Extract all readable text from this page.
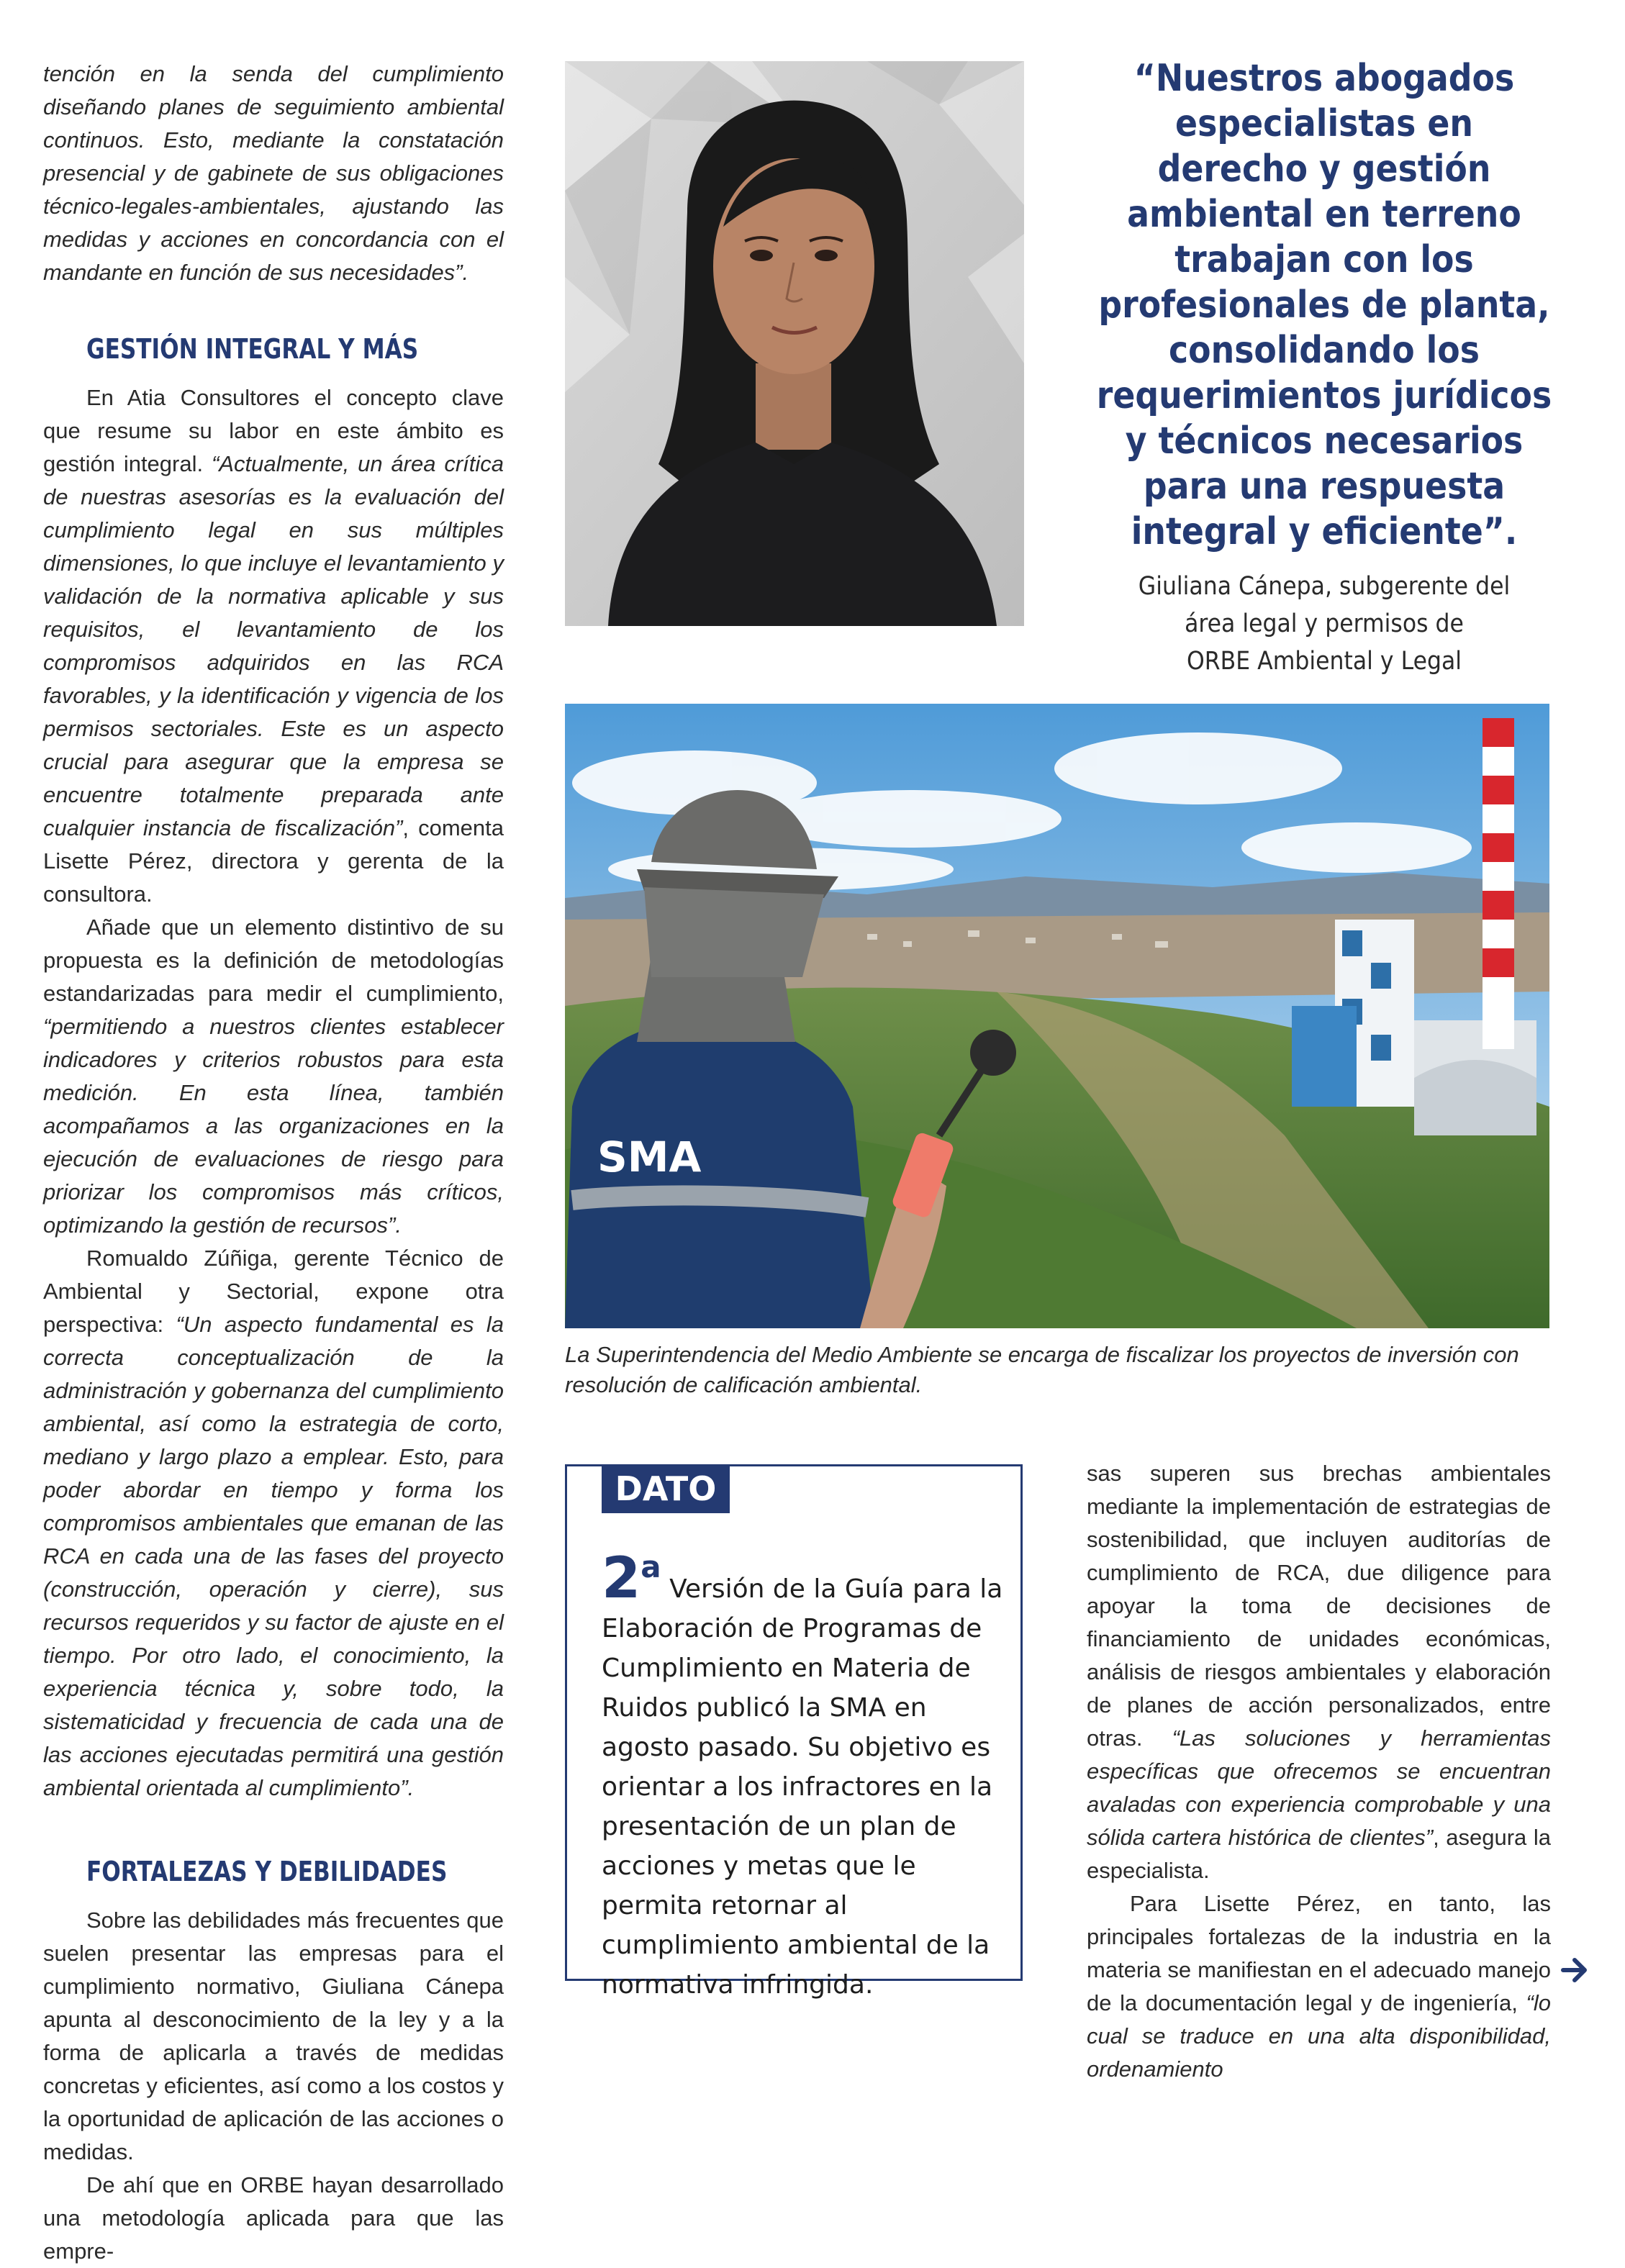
tención en la senda del cumplimiento diseñando planes de seguimiento ambiental continuos. Esto, mediante la constatación presencial y de gabinete de sus obligaciones técnico-legales-ambientales, ajustando las medidas y acciones en concordancia con el mandante en función de sus necesidades”.

GESTIÓN INTEGRAL Y MÁS

En Atia Consultores el concepto clave que resume su labor en este ámbito es gestión integral. “Actualmente, un área crítica de nuestras asesorías es la evaluación del cumplimiento legal en sus múltiples dimensiones, lo que incluye el levantamiento y validación de la normativa aplicable y sus requisitos, el levantamiento de los compromisos adquiridos en las RCA favorables, y la identificación y vigencia de los permisos sectoriales. Este es un aspecto crucial para asegurar que la empresa se encuentre totalmente preparada ante cualquier instancia de fiscalización”, comenta Lisette Pérez, directora y gerenta de la consultora.

Añade que un elemento distintivo de su propuesta es la definición de metodologías estandarizadas para medir el cumplimiento, “permitiendo a nuestros clientes establecer indicadores y criterios robustos para esta medición. En esta línea, también acompañamos a las organizaciones en la ejecución de evaluaciones de riesgo para priorizar los compromisos más críticos, optimizando la gestión de recursos”.

Romualdo Zúñiga, gerente Técnico de Ambiental y Sectorial, expone otra perspectiva: “Un aspecto fundamental es la correcta conceptualización de la administración y gobernanza del cumplimiento ambiental, así como la estrategia de corto, mediano y largo plazo a emplear. Esto, para poder abordar en tiempo y forma los compromisos ambientales que emanan de las RCA en cada una de las fases del proyecto (construcción, operación y cierre), sus recursos requeridos y su factor de ajuste en el tiempo. Por otro lado, el conocimiento, la experiencia técnica y, sobre todo, la sistematicidad y frecuencia de cada una de las acciones ejecutadas permitirá una gestión ambiental orientada al cumplimiento”.

FORTALEZAS Y DEBILIDADES

Sobre las debilidades más frecuentes que suelen presentar las empresas para el cumplimiento normativo, Giuliana Cánepa apunta al desconocimiento de la ley y a la forma de aplicarla a través de medidas concretas y eficientes, así como a los costos y la oportunidad de aplicación de las acciones o medidas.

De ahí que en ORBE hayan desarrollado una metodología aplicada para que las empre-

“Nuestros abogados especialistas en derecho y gestión ambiental en terreno trabajan con los profesionales de planta, consolidando los requerimientos jurídicos y técnicos necesarios para una respuesta integral y eficiente”.

Giuliana Cánepa, subgerente del
área legal y permisos de
ORBE Ambiental y Legal
SMA
La Superintendencia del Medio Ambiente se encarga de fiscalizar los proyectos de inversión con resolución de calificación ambiental.
DATO
2a Versión de la Guía para la Elaboración de Programas de Cumplimiento en Materia de Ruidos publicó la SMA en agosto pasado. Su objetivo es orientar a los infractores en la presentación de un plan de acciones y metas que le permita retornar al cumplimiento ambiental de la normativa infringida.

sas superen sus brechas ambientales mediante la implementación de estrategias de sostenibilidad, que incluyen auditorías de cumplimiento de RCA, due diligence para apoyar la toma de decisiones de financiamiento de unidades económicas, análisis de riesgos ambientales y elaboración de planes de acción personalizados, entre otras. “Las soluciones y herramientas específicas que ofrecemos se encuentran avaladas con experiencia comprobable y una sólida cartera histórica de clientes”, asegura la especialista.

Para Lisette Pérez, en tanto, las principales fortalezas de la industria en la materia se manifiestan en el adecuado manejo de la documentación legal y de ingeniería, “lo cual se traduce en una alta disponibilidad, ordenamiento
